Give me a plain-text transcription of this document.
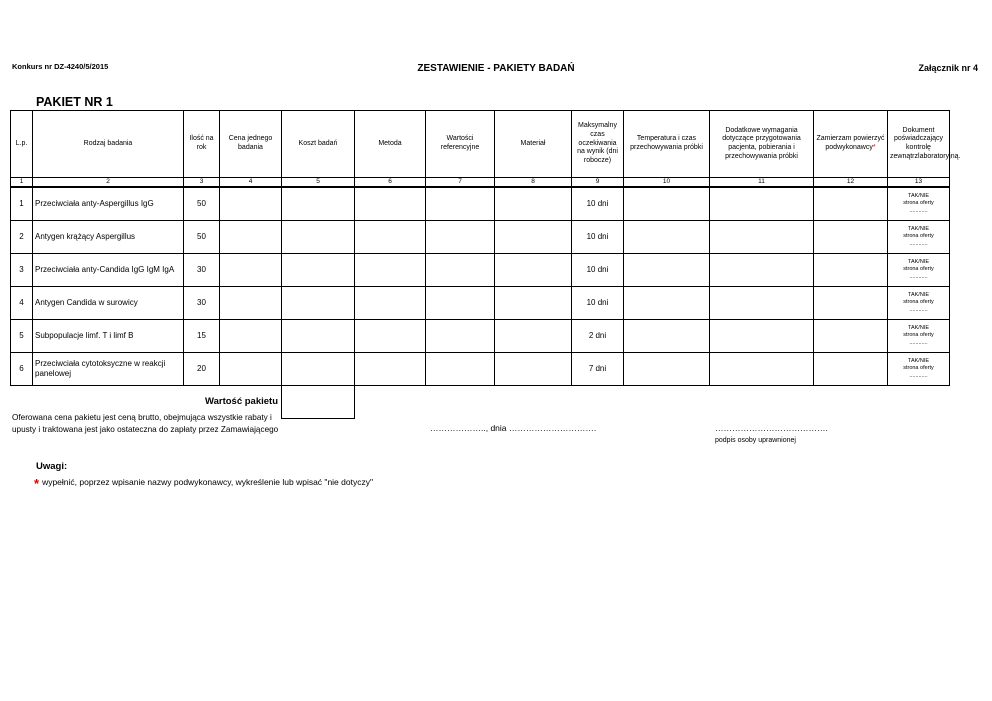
Konkurs nr DZ-4240/5/2015	ZESTAWIENIE - PAKIETY BADAŃ	Załącznik nr 4
PAKIET NR 1
L.p.	Rodzaj badania	Ilość na rok	Cena jednego badania	Koszt badań	Metoda	Wartości referencyjne	Materiał	Maksymalny czas oczekiwania na wynik (dni robocze)	Temperatura i czas przechowywania próbki	Dodatkowe wymagania dotyczące przygotowania pacjenta, pobierania i przechowywania próbki	Zamierzam powierzyć podwykonawcy*	Dokument poświadczający kontrolę zewnątrzlaboratoryjną.
1	2	3	4	5	6	7	8	9	10	11	12	13
1	Przeciwciała anty-Aspergillus IgG	50						10 dni				TAK/NIE
strona oferty
............

2	Antygen krążący Aspergillus	50						10 dni				TAK/NIE
strona oferty
............

3	Przeciwciała anty-Candida IgG IgM IgA	30						10 dni				TAK/NIE
strona oferty
............

4	Antygen Candida w surowicy	30						10 dni				TAK/NIE
strona oferty
............

5	Subpopulacje limf. T i limf B	15						2 dni				TAK/NIE
strona oferty
............

6	Przeciwciała cytotoksyczne w reakcji panelowej	20						7 dni				TAK/NIE
strona oferty
............

Wartość pakietu												
Oferowana cena pakietu jest ceną brutto, obejmująca wszystkie rabaty i
upusty i traktowana jest jako ostateczna do zapłaty przez Zamawiającego	……………….., dnia ………………………….	………………………………….
podpis osoby uprawnionej
Uwagi:
* wypełnić, poprzez wpisanie nazwy podwykonawcy, wykreślenie lub wpisać "nie dotyczy"
